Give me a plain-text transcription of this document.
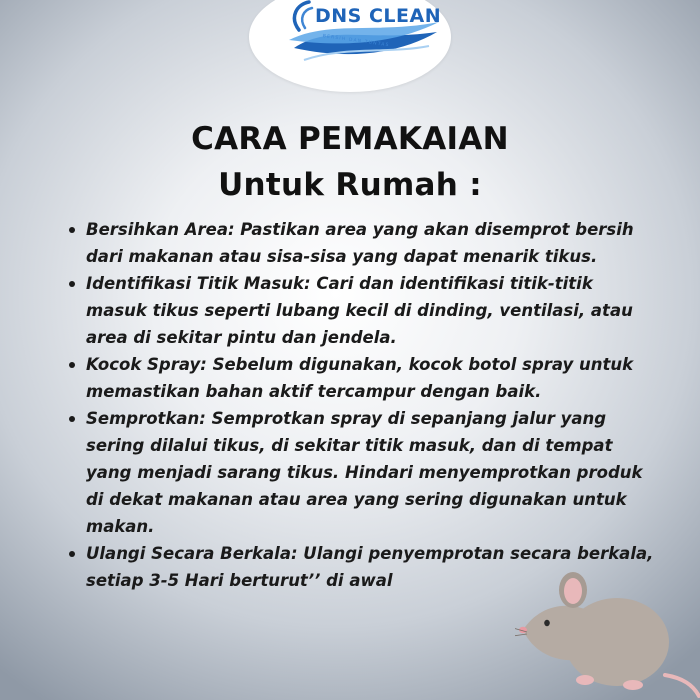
DNS CLEAN
BERSIH DAN TUNTAS
CARA PEMAKAIAN
Untuk Rumah :
Bersihkan Area: Pastikan area yang akan disemprot bersih dari makanan atau sisa-sisa yang dapat menarik tikus.
Identifikasi Titik Masuk: Cari dan identifikasi titik-titik masuk tikus seperti lubang kecil di dinding, ventilasi, atau area di sekitar pintu dan jendela.
Kocok Spray: Sebelum digunakan, kocok botol spray untuk memastikan bahan aktif tercampur dengan baik.
Semprotkan: Semprotkan spray di sepanjang jalur yang sering dilalui tikus, di sekitar titik masuk, dan di tempat yang menjadi sarang tikus. Hindari menyemprotkan produk di dekat makanan atau area yang sering digunakan untuk makan.
Ulangi Secara Berkala: Ulangi penyemprotan secara berkala, setiap 3-5 Hari berturut’’ di awal
